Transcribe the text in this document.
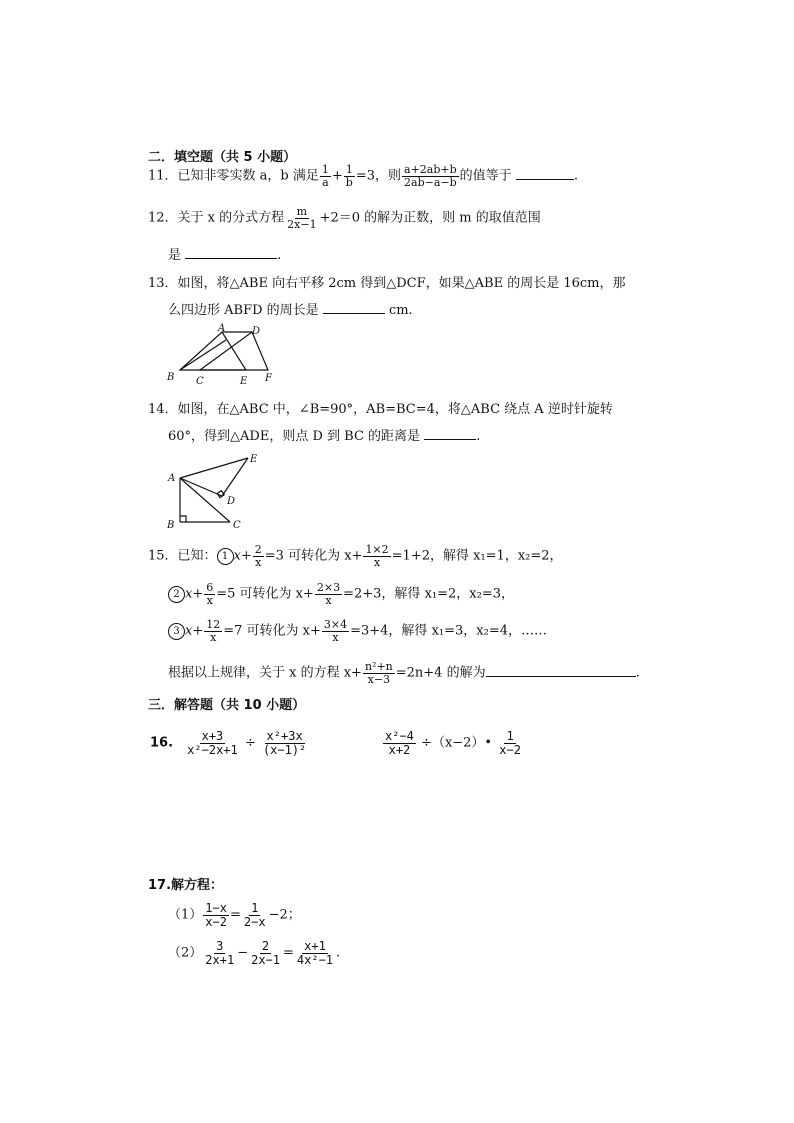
二．填空题（共 5 小题）
11．已知非零实数 a，b 满足 $\frac{1}{a} + \frac{1}{b} =3$，则 $\frac{a+2ab+b}{2ab-a-b}$ 的值等于	.
12．关于 x 的分式方程 $\frac{m}{2x-1} +2=0$ 的解为正数，则 m 的取值范围
是	.
13．如图，将△ABE 向右平移 2cm 得到△DCF，如果△ABE 的周长是 16cm，那
么四边形 ABFD 的周长是	cm.
A	D
B C	E F
14．如图，在△ABC 中，∠B=90°，AB=BC=4，将△ABC 绕点 A 逆时针旋转
60°，得到△ADE，则点 D 到 BC 的距离是	.
A
E
D
B	C
15．已知： 1 $x+ \frac{2}{x} =3$ 可转化为 $x+ \frac{1\times 2}{x} =1+2$，解得 x₁=1，x₂=2，
2 $x+ \frac{6}{x} =5$ 可转化为 $x+ \frac{2\times 3}{x} =2+3$，解得 x₁=2，x₂=3，
3 $x+ \frac{12}{x} =7$ 可转化为 $x+ \frac{3\times 4}{x} =3+4$，解得 x₁=3，x₂=4，……
根据以上规律，关于 x 的方程 $x+ \frac{\text{n²+n}}{x-3} =2n+4$ 的解为	.
三．解答题（共 10 小题）
16. $\frac{x+3}{\text{x²−2x+1}} \div \frac{\text{x²+3x}}{\text{(x−1)²}}$	$\frac{\text{x²−4}}{x+2}$ ÷（x−2）• $\frac{1}{x-2}$
17.解方程：
$(1) \frac{1-x}{x-2} = \frac{1}{2-x} -2$；
$(2) \frac{3}{2x+1} - \frac{2}{2x-1} = \frac{x+1}{\text{4x²−1}}$ .
